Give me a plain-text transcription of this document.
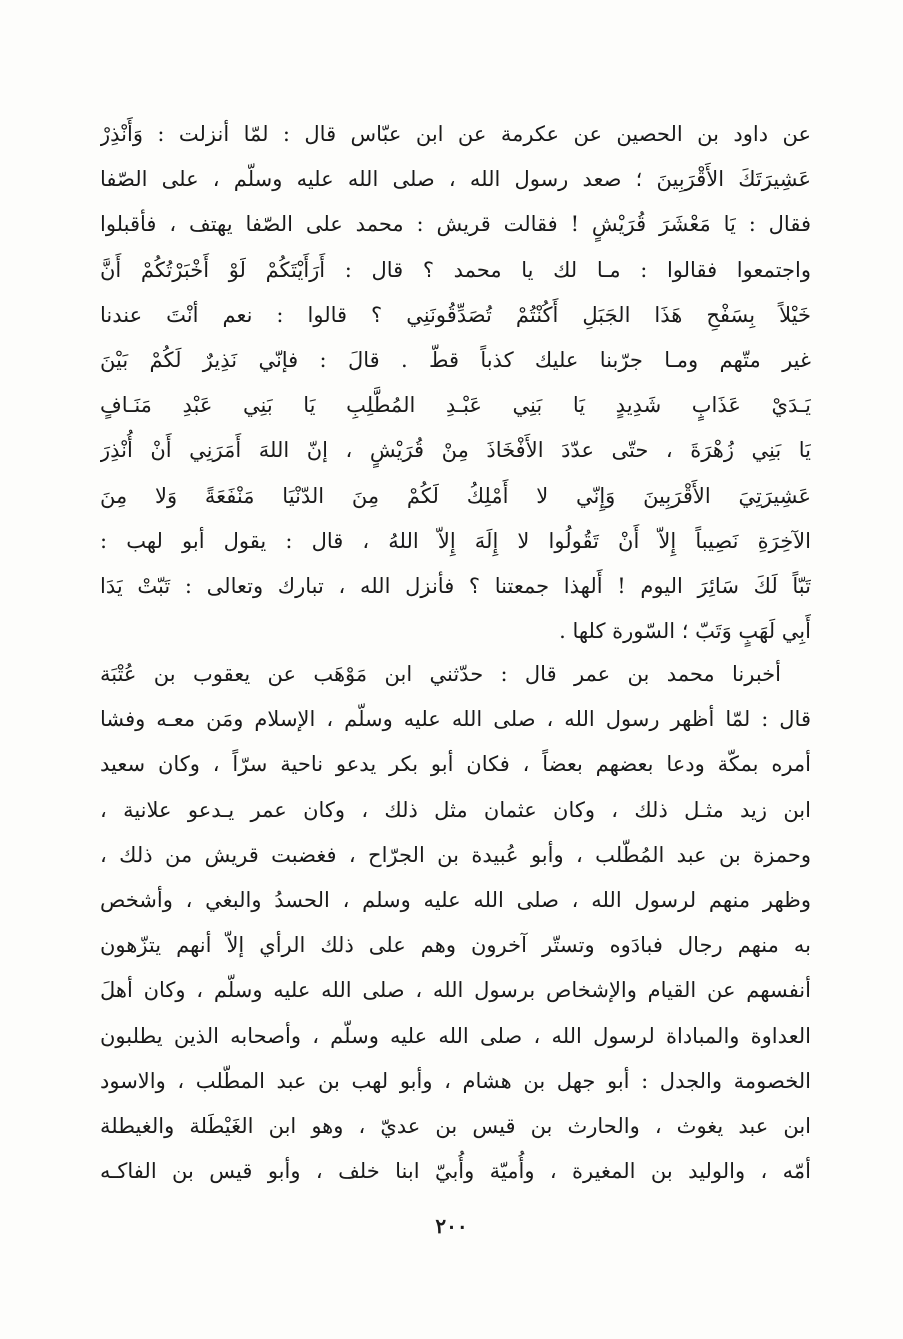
عن داود بن الحصين عن عكرمة عن ابن عبّاس قال : لمّا أنزلت : وَأَنْذِرْ
عَشِيرَتَكَ الأَقْرَبِينَ ؛ صعد رسول الله ، صلى الله عليه وسلّم ، على الصّفا
فقال : يَا مَعْشَرَ قُرَيْشٍ ! فقالت قريش : محمد على الصّفا يهتف ، فأقبلوا
واجتمعوا فقالوا : مـا لك يا محمد ؟ قال : أَرَأَيْتَكُمْ لَوْ أَخْبَرْتُكُمْ أَنَّ
خَيْلاً بِسَفْحِ هَذَا الجَبَلِ أَكُنْتُمْ تُصَدِّقُونَنِي ؟ قالوا : نعم أنْتَ عندنا
غير متّهم ومـا جرّبنا عليك كذباً قطّ . قالَ : فإنّي نَذِيرٌ لَكُمْ بَيْنَ
يَـدَيْ عَذَابٍ شَدِيدٍ يَا بَنِي عَبْـدِ المُطَّلِبِ يَا بَنِي عَبْدِ مَنَـافٍ
يَا بَنِي زُهْرَةَ ، حتّى عدّدَ الأَفْخَاذَ مِنْ قُرَيْشٍ ، إنّ اللهَ أَمَرَنِي أَنْ أُنْذِرَ
عَشِيرَتِيَ الأَقْرَبِينَ وَإِنّي لا أَمْلِكُ لَكُمْ مِنَ الدّنْيَا مَنْفَعَةً وَلا مِنَ
الآخِرَةِ نَصِيباً إِلاّ أَنْ تَقُولُوا لا إِلَهَ إِلاّ اللهُ ، قال : يقول أبو لهب :
تَبّاً لَكَ سَائِرَ اليوم ! أَلهذا جمعتنا ؟ فأنزل الله ، تبارك وتعالى : تَبّتْ يَدَا
أَبِي لَهَبٍ وَتَبّ ؛ السّورة كلها .
أخبرنا محمد بن عمر قال : حدّثني ابن مَوْهَب عن يعقوب بن عُتْبَة
قال : لمّا أظهر رسول الله ، صلى الله عليه وسلّم ، الإسلام ومَن معـه وفشا
أمره بمكّة ودعا بعضهم بعضاً ، فكان أبو بكر يدعو ناحية سرّاً ، وكان سعيد
ابن زيد مثـل ذلك ، وكان عثمان مثل ذلك ، وكان عمر يـدعو علانية ،
وحمزة بن عبد المُطّلب ، وأبو عُبيدة بن الجرّاح ، فغضبت قريش من ذلك ،
وظهر منهم لرسول الله ، صلى الله عليه وسلم ، الحسدُ والبغي ، وأشخص
به منهم رجال فبادَوه وتستّر آخرون وهم على ذلك الرأي إلاّ أنهم يتزّهون
أنفسهم عن القيام والإشخاص برسول الله ، صلى الله عليه وسلّم ، وكان أهلَ
العداوة والمباداة لرسول الله ، صلى الله عليه وسلّم ، وأصحابه الذين يطلبون
الخصومة والجدل : أبو جهل بن هشام ، وأبو لهب بن عبد المطّلب ، والاسود
ابن عبد يغوث ، والحارث بن قيس بن عديّ ، وهو ابن الغَيْطَلة والغيطلة
أمّه ، والوليد بن المغيرة ، وأُميّة وأُبيّ ابنا خلف ، وأبو قيس بن الفاكـه
٢٠٠
